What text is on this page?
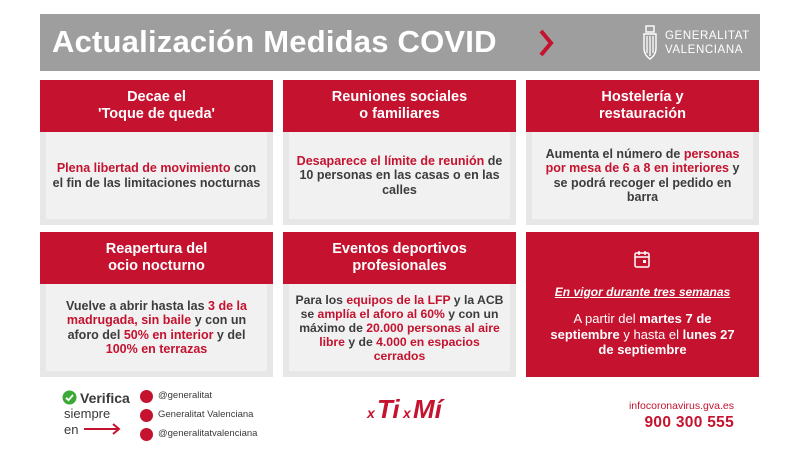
Actualización Medidas COVID	GENERALITAT
VALENCIANA
Decae el
'Toque de queda'

Plena libertad de movimiento con el fin de las limitaciones nocturnas

Reuniones sociales
o familiares

Desaparece el límite de reunión de 10 personas en las casas o en las calles

Hostelería y
restauración

Aumenta el número de personas por mesa de 6 a 8 en interiores y se podrá recoger el pedido en barra

Reapertura del
ocio nocturno

Vuelve a abrir hasta las 3 de la madrugada, sin baile y con un aforo del 50% en interior y del 100% en terrazas

Eventos deportivos
profesionales

Para los equipos de la LFP y la ACB se amplía el aforo al 60% y con un máximo de 20.000 personas al aire libre y de 4.000 en espacios cerrados

En vigor durante tres semanas
A partir del martes 7 de septiembre y hasta el lunes 27 de septiembre
Verifica
siempre
en
@generalitat
Generalitat Valenciana
@generalitatvalenciana
x Ti x Mí	infocoronavirus.gva.es
900 300 555
